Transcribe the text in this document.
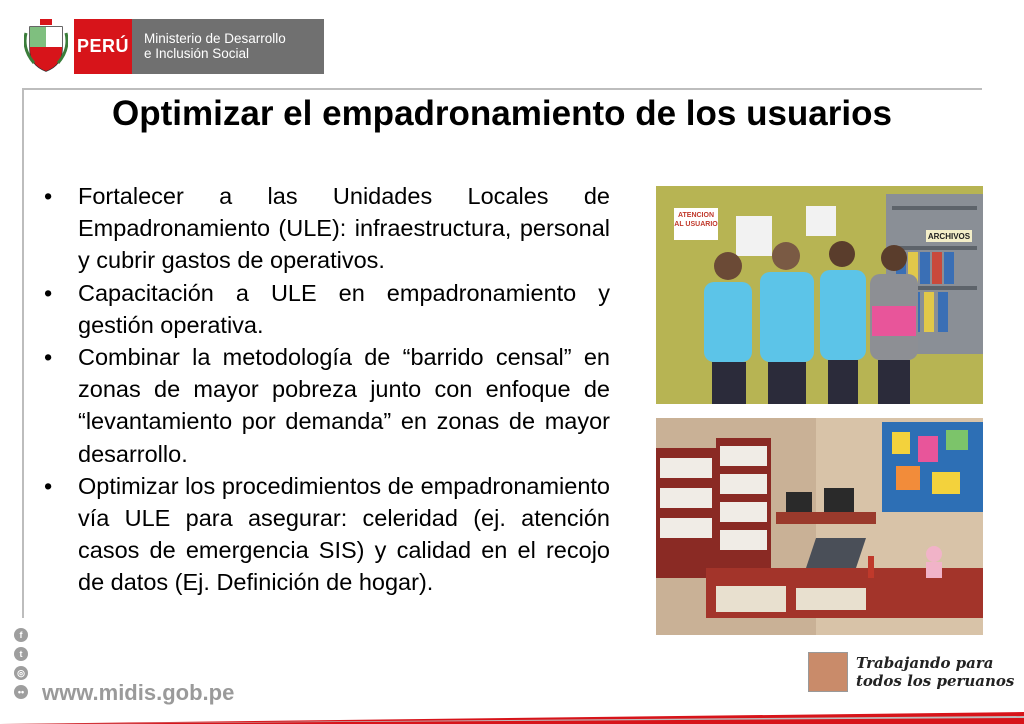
PERÚ Ministerio de Desarrollo
e Inclusión Social
Optimizar el empadronamiento de los usuarios
• Fortalecer a las Unidades Locales de Empadronamiento (ULE): infraestructura, personal y cubrir gastos de operativos.
• Capacitación a ULE en empadronamiento y gestión operativa.
• Combinar la metodología de “barrido censal” en zonas de mayor pobreza junto con enfoque de “levantamiento por demanda” en zonas de mayor desarrollo.
• Optimizar los procedimientos de empadronamiento vía ULE para asegurar: celeridad (ej. atención casos de emergencia SIS) y calidad en el recojo de datos (Ej. Definición de hogar).
ARCHIVOS
ATENCION AL USUARIO
f
t
◎
•• www.midis.gob.pe
Trabajando para
todos los peruanos
